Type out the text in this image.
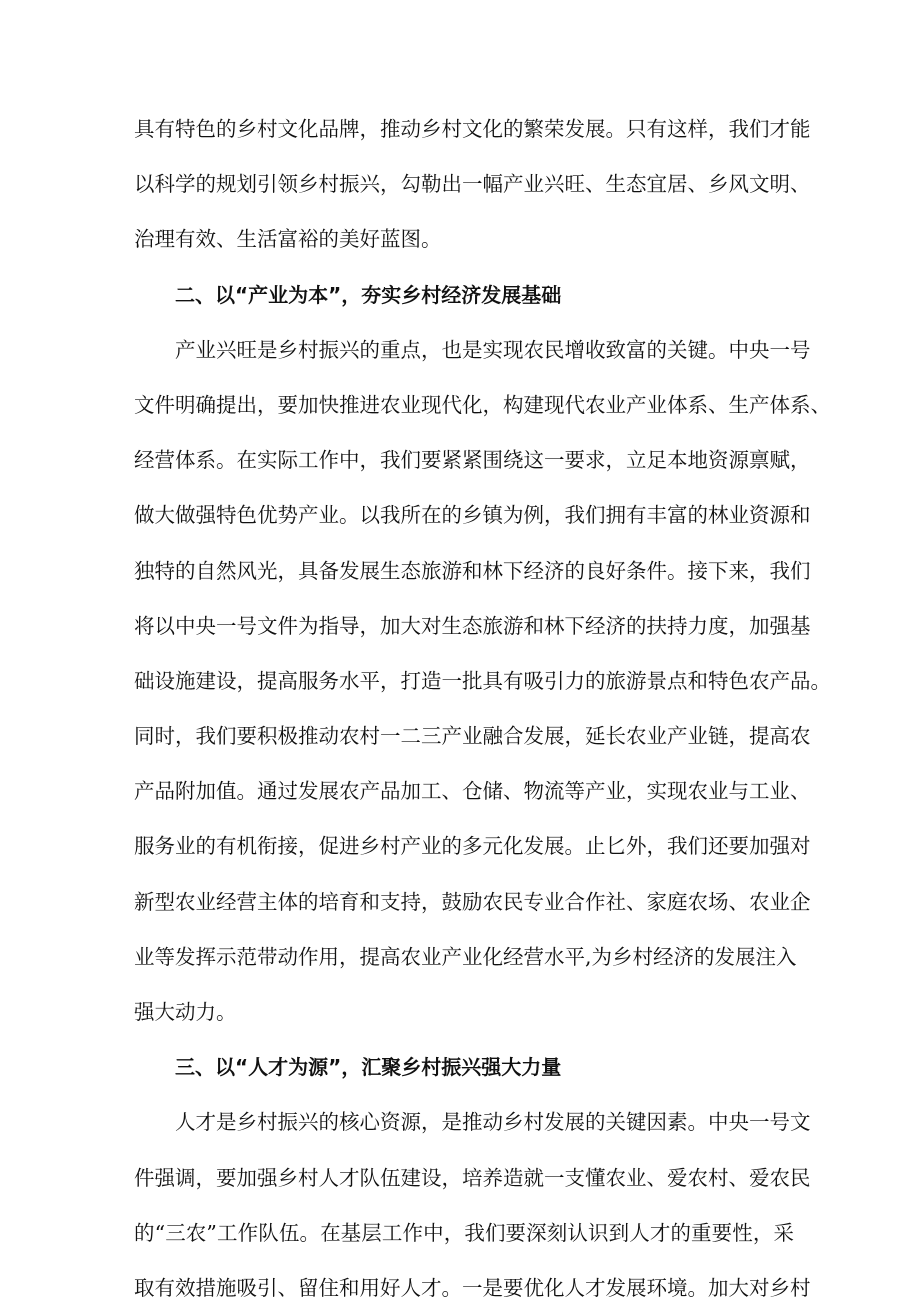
具有特色的乡村文化品牌，推动乡村文化的繁荣发展。只有这样，我们才能
以科学的规划引领乡村振兴，勾勒出一幅产业兴旺、生态宜居、乡风文明、
治理有效、生活富裕的美好蓝图。
二、以“产业为本”，夯实乡村经济发展基础
产业兴旺是乡村振兴的重点，也是实现农民增收致富的关键。中央一号
文件明确提出，要加快推进农业现代化，构建现代农业产业体系、生产体系、
经营体系。在实际工作中，我们要紧紧围绕这一要求，立足本地资源禀赋，
做大做强特色优势产业。以我所在的乡镇为例，我们拥有丰富的林业资源和
独特的自然风光，具备发展生态旅游和林下经济的良好条件。接下来，我们
将以中央一号文件为指导，加大对生态旅游和林下经济的扶持力度，加强基
础设施建设，提高服务水平，打造一批具有吸引力的旅游景点和特色农产品。
同时，我们要积极推动农村一二三产业融合发展，延长农业产业链，提高农
产品附加值。通过发展农产品加工、仓储、物流等产业，实现农业与工业、
服务业的有机衔接，促进乡村产业的多元化发展。止匕外，我们还要加强对
新型农业经营主体的培育和支持，鼓励农民专业合作社、家庭农场、农业企
业等发挥示范带动作用，提高农业产业化经营水平,为乡村经济的发展注入
强大动力。
三、以“人才为源”，汇聚乡村振兴强大力量
人才是乡村振兴的核心资源，是推动乡村发展的关键因素。中央一号文
件强调，要加强乡村人才队伍建设，培养造就一支懂农业、爱农村、爱农民
的“三农”工作队伍。在基层工作中，我们要深刻认识到人才的重要性，采
取有效措施吸引、留住和用好人才。一是要优化人才发展环境。加大对乡村
